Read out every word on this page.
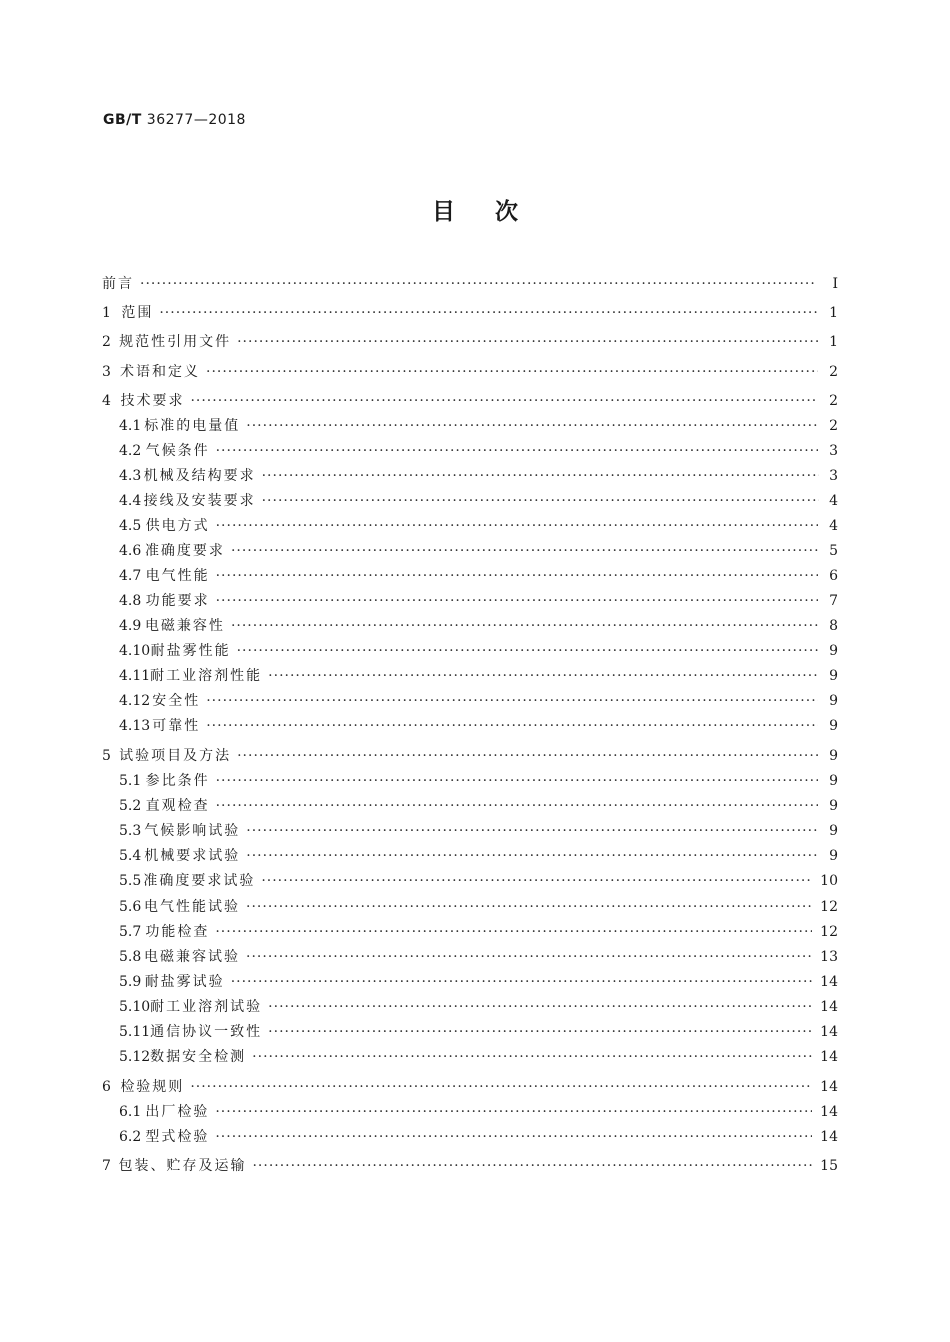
GB/T 36277—2018
目次
前言 ·····	Ⅰ
1 范围 ·····	1
2 规范性引用文件 ·····	1
3 术语和定义 ·····	2
4 技术要求 ·····	2
4.1 标准的电量值 ·····	2
4.2 气候条件 ·····	3
4.3 机械及结构要求 ·····	3
4.4 接线及安装要求 ·····	4
4.5 供电方式 ·····	4
4.6 准确度要求 ·····	5
4.7 电气性能 ·····	6
4.8 功能要求 ·····	7
4.9 电磁兼容性 ·····	8
4.10 耐盐雾性能 ·····	9
4.11 耐工业溶剂性能 ·····	9
4.12 安全性 ·····	9
4.13 可靠性 ·····	9
5 试验项目及方法 ·····	9
5.1 参比条件 ·····	9
5.2 直观检查 ·····	9
5.3 气候影响试验 ·····	9
5.4 机械要求试验 ·····	9
5.5 准确度要求试验 ·····	10
5.6 电气性能试验 ·····	12
5.7 功能检查 ·····	12
5.8 电磁兼容试验 ·····	13
5.9 耐盐雾试验 ·····	14
5.10 耐工业溶剂试验 ·····	14
5.11 通信协议一致性 ·····	14
5.12 数据安全检测 ·····	14
6 检验规则 ·····	14
6.1 出厂检验 ·····	14
6.2 型式检验 ·····	14
7 包装、贮存及运输 ·····	15
